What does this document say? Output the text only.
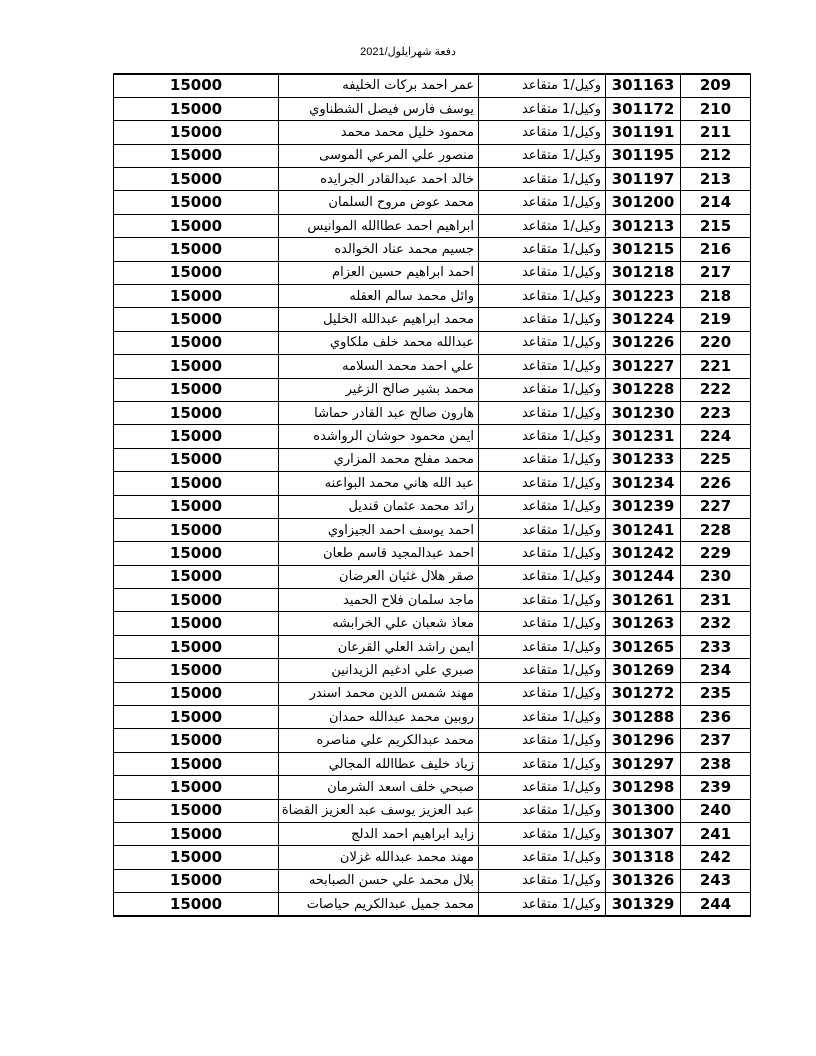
دفعة شهرايلول/2021
209	301163	وكيل/1 متقاعد	عمر احمد بركات الخليفه	15000
210	301172	وكيل/1 متقاعد	يوسف فارس فيصل الشطناوي	15000
211	301191	وكيل/1 متقاعد	محمود خليل محمد محمد	15000
212	301195	وكيل/1 متقاعد	منصور علي المرعي الموسى	15000
213	301197	وكيل/1 متقاعد	خالد احمد عبدالقادر الجرايده	15000
214	301200	وكيل/1 متقاعد	محمد عوض مروح السلمان	15000
215	301213	وكيل/1 متقاعد	ابراهيم احمد عطاالله الموانيس	15000
216	301215	وكيل/1 متقاعد	جسيم محمد عناد الخوالده	15000
217	301218	وكيل/1 متقاعد	احمد ابراهيم حسين العزام	15000
218	301223	وكيل/1 متقاعد	وائل محمد سالم العقله	15000
219	301224	وكيل/1 متقاعد	محمد ابراهيم عبدالله الخليل	15000
220	301226	وكيل/1 متقاعد	عبدالله محمد خلف ملكاوي	15000
221	301227	وكيل/1 متقاعد	علي احمد محمد السلامه	15000
222	301228	وكيل/1 متقاعد	محمد بشير صالح الزغير	15000
223	301230	وكيل/1 متقاعد	هارون صالح عبد القادر حماشا	15000
224	301231	وكيل/1 متقاعد	ايمن محمود حوشان الرواشده	15000
225	301233	وكيل/1 متقاعد	محمد مفلح محمد المزاري	15000
226	301234	وكيل/1 متقاعد	عبد الله هاني محمد البواعنه	15000
227	301239	وكيل/1 متقاعد	رائد محمد عثمان قنديل	15000
228	301241	وكيل/1 متقاعد	احمد يوسف احمد الجيزاوي	15000
229	301242	وكيل/1 متقاعد	احمد عبدالمجيد قاسم طعان	15000
230	301244	وكيل/1 متقاعد	صقر هلال غثيان العرضان	15000
231	301261	وكيل/1 متقاعد	ماجد سلمان فلاح الحميد	15000
232	301263	وكيل/1 متقاعد	معاذ شعبان علي الخرابشه	15000
233	301265	وكيل/1 متقاعد	ايمن راشد العلي القرعان	15000
234	301269	وكيل/1 متقاعد	صبري علي ادغيم الزيدانين	15000
235	301272	وكيل/1 متقاعد	مهند شمس الدين محمد اسندر	15000
236	301288	وكيل/1 متقاعد	روبين محمد عبدالله حمدان	15000
237	301296	وكيل/1 متقاعد	محمد عبدالكريم علي مناصره	15000
238	301297	وكيل/1 متقاعد	زياد خليف عطاالله المجالي	15000
239	301298	وكيل/1 متقاعد	صبحي خلف اسعد الشرمان	15000
240	301300	وكيل/1 متقاعد	عبد العزيز يوسف عبد العزيز القضاة	15000
241	301307	وكيل/1 متقاعد	زايد ابراهيم احمد الدلج	15000
242	301318	وكيل/1 متقاعد	مهند محمد عبدالله غزلان	15000
243	301326	وكيل/1 متقاعد	بلال محمد علي حسن الصبابحه	15000
244	301329	وكيل/1 متقاعد	محمد جميل عبدالكريم حياصات	15000
